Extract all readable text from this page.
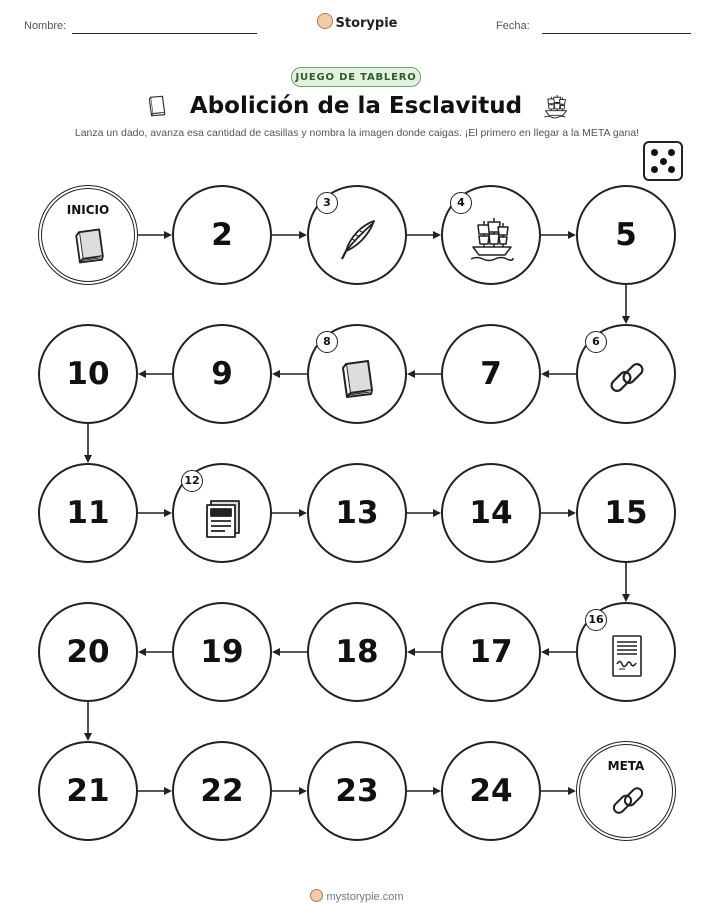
Nombre:	Storypie	Fecha:
JUEGO DE TABLERO
Abolición de la Esclavitud
Lanza un dado, avanza esa cantidad de casillas y nombra la imagen donde caigas. ¡El primero en llegar a la META gana!
INICIO
2
3	4
5
6
7
8
9
10
11
12
13	14	15
16
17
18
19
20
21	22	23	24
META
mystorypie.com
